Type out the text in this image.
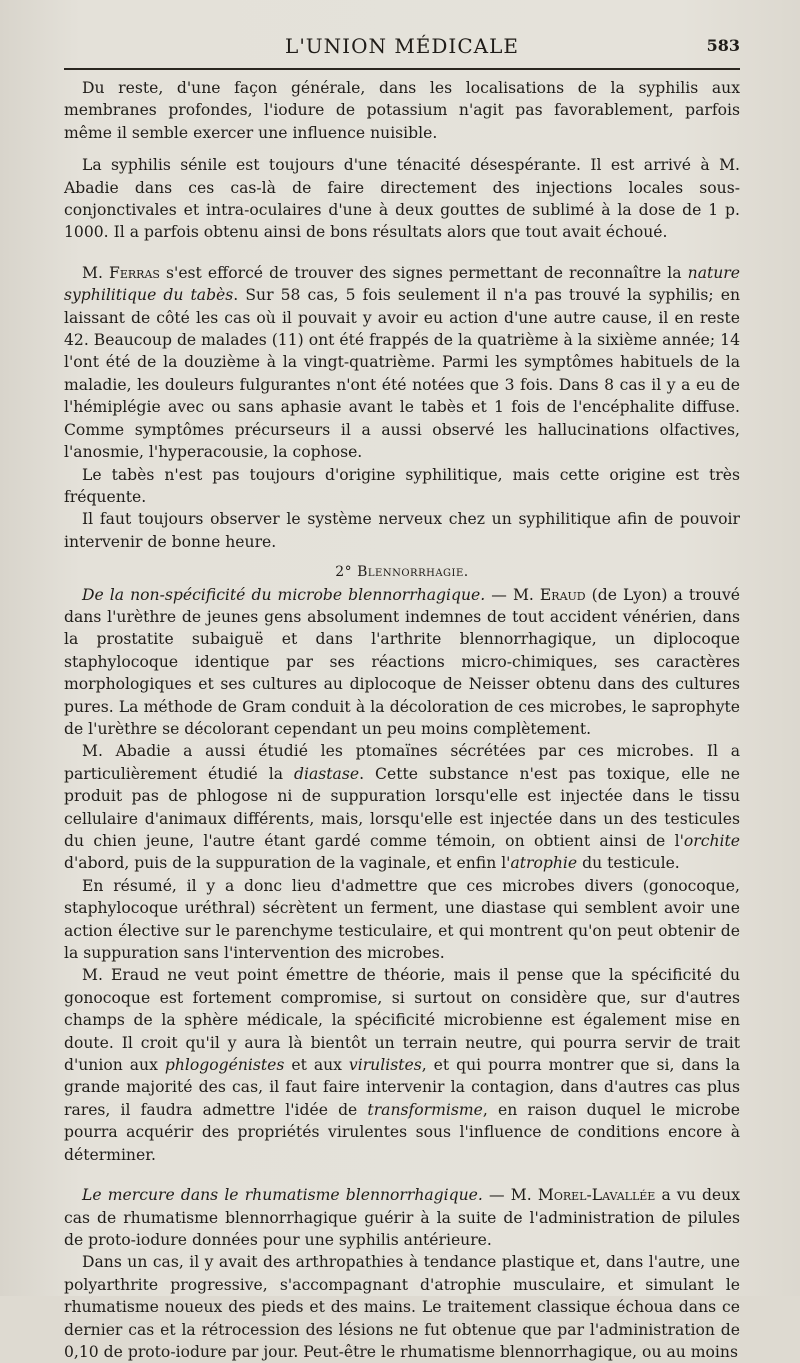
L'UNION MÉDICALE	583

Du reste, d'une façon générale, dans les localisations de la syphilis aux membranes profondes, l'iodure de potassium n'agit pas favorablement, parfois même il semble exercer une influence nuisible.

La syphilis sénile est toujours d'une ténacité désespérante. Il est arrivé à M. Abadie dans ces cas-là de faire directement des injections locales sous-conjonctivales et intra-oculaires d'une à deux gouttes de sublimé à la dose de 1 p. 1000. Il a parfois obtenu ainsi de bons résultats alors que tout avait échoué.

M. Ferras s'est efforcé de trouver des signes permettant de reconnaître la nature syphilitique du tabès. Sur 58 cas, 5 fois seulement il n'a pas trouvé la syphilis; en laissant de côté les cas où il pouvait y avoir eu action d'une autre cause, il en reste 42. Beaucoup de malades (11) ont été frappés de la quatrième à la sixième année; 14 l'ont été de la douzième à la vingt-quatrième. Parmi les symptômes habituels de la maladie, les douleurs fulgurantes n'ont été notées que 3 fois. Dans 8 cas il y a eu de l'hémiplégie avec ou sans aphasie avant le tabès et 1 fois de l'encéphalite diffuse. Comme symptômes précurseurs il a aussi observé les hallucinations olfactives, l'anosmie, l'hyperacousie, la cophose.

Le tabès n'est pas toujours d'origine syphilitique, mais cette origine est très fréquente.

Il faut toujours observer le système nerveux chez un syphilitique afin de pouvoir intervenir de bonne heure.

2° Blennorrhagie.

De la non-spécificité du microbe blennorrhagique. — M. Eraud (de Lyon) a trouvé dans l'urèthre de jeunes gens absolument indemnes de tout accident vénérien, dans la prostatite subaiguë et dans l'arthrite blennorrhagique, un diplocoque staphylocoque identique par ses réactions micro-chimiques, ses caractères morphologiques et ses cultures au diplocoque de Neisser obtenu dans des cultures pures. La méthode de Gram conduit à la décoloration de ces microbes, le saprophyte de l'urèthre se décolorant cependant un peu moins complètement.

M. Abadie a aussi étudié les ptomaïnes sécrétées par ces microbes. Il a particulièrement étudié la diastase. Cette substance n'est pas toxique, elle ne produit pas de phlogose ni de suppuration lorsqu'elle est injectée dans le tissu cellulaire d'animaux différents, mais, lorsqu'elle est injectée dans un des testicules du chien jeune, l'autre étant gardé comme témoin, on obtient ainsi de l'orchite d'abord, puis de la suppuration de la vaginale, et enfin l'atrophie du testicule.

En résumé, il y a donc lieu d'admettre que ces microbes divers (gonocoque, staphylocoque uréthral) sécrètent un ferment, une diastase qui semblent avoir une action élective sur le parenchyme testiculaire, et qui montrent qu'on peut obtenir de la suppuration sans l'intervention des microbes.

M. Eraud ne veut point émettre de théorie, mais il pense que la spécificité du gonocoque est fortement compromise, si surtout on considère que, sur d'autres champs de la sphère médicale, la spécificité microbienne est également mise en doute. Il croit qu'il y aura là bientôt un terrain neutre, qui pourra servir de trait d'union aux phlogogénistes et aux virulistes, et qui pourra montrer que si, dans la grande majorité des cas, il faut faire intervenir la contagion, dans d'autres cas plus rares, il faudra admettre l'idée de transformisme, en raison duquel le microbe pourra acquérir des propriétés virulentes sous l'influence de conditions encore à déterminer.

Le mercure dans le rhumatisme blennorrhagique. — M. Morel-Lavallée a vu deux cas de rhumatisme blennorrhagique guérir à la suite de l'administration de pilules de proto-iodure données pour une syphilis antérieure.

Dans un cas, il y avait des arthropathies à tendance plastique et, dans l'autre, une polyarthrite progressive, s'accompagnant d'atrophie musculaire, et simulant le rhumatisme noueux des pieds et des mains. Le traitement classique échoua dans ce dernier cas et la rétrocession des lésions ne fut obtenue que par l'administration de 0,10 de proto-iodure par jour. Peut-être le rhumatisme blennorrhagique, ou au moins
